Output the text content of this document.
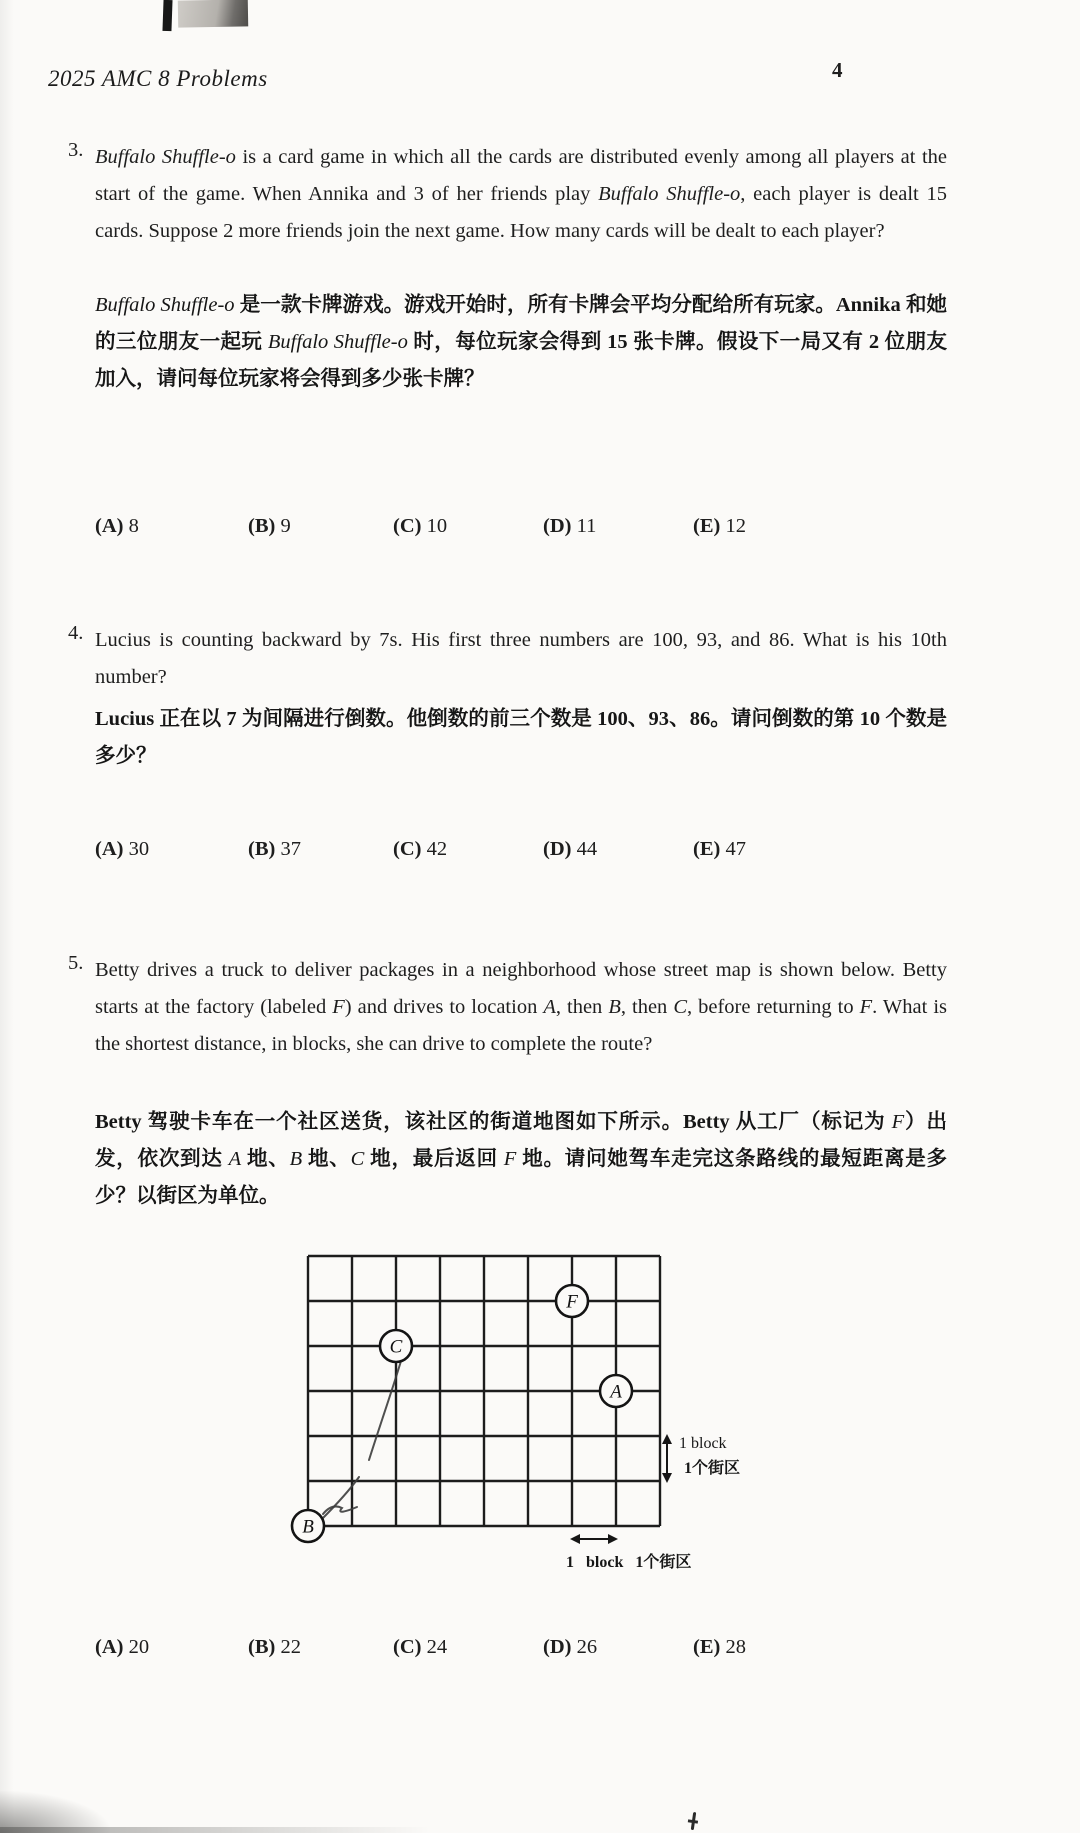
2025 AMC 8 Problems	4
3. Buffalo Shuffle-o is a card game in which all the cards are distributed evenly among all players at the start of the game. When Annika and 3 of her friends play Buffalo Shuffle-o, each player is dealt 15 cards. Suppose 2 more friends join the next game. How many cards will be dealt to each player?

Buffalo Shuffle-o 是一款卡牌游戏。游戏开始时，所有卡牌会平均分配给所有玩家。Annika 和她的三位朋友一起玩 Buffalo Shuffle-o 时，每位玩家会得到 15 张卡牌。假设下一局又有 2 位朋友加入，请问每位玩家将会得到多少张卡牌？

(A) 8	(B) 9	(C) 10	(D) 11	(E) 12
4. Lucius is counting backward by 7s. His first three numbers are 100, 93, and 86. What is his 10th number?

Lucius 正在以 7 为间隔进行倒数。他倒数的前三个数是 100、93、86。请问倒数的第 10 个数是多少？

(A) 30	(B) 37	(C) 42	(D) 44	(E) 47
5. Betty drives a truck to deliver packages in a neighborhood whose street map is shown below. Betty starts at the factory (labeled F) and drives to location A, then B, then C, before returning to F. What is the shortest distance, in blocks, she can drive to complete the route?

Betty 驾驶卡车在一个社区送货，该社区的街道地图如下所示。Betty 从工厂（标记为 F）出发，依次到达 A 地、B 地、C 地，最后返回 F 地。请问她驾车走完这条路线的最短距离是多少？以街区为单位。

F
C
A
B
1 block
1个街区
1 block 1个街区
(A) 20	(B) 22	(C) 24	(D) 26	(E) 28
